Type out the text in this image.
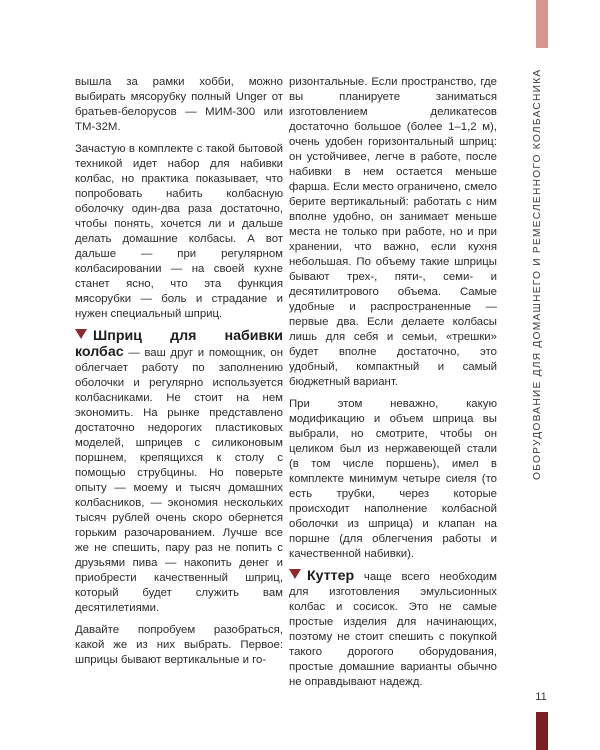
ОБОРУДОВАНИЕ ДЛЯ ДОМАШНЕГО И РЕМЕСЛЕННОГО КОЛБАСНИКА
11

вышла за рамки хобби, можно выбирать мясорубку полный Unger от братьев-белорусов — МИМ-300 или ТМ-32М.

Зачастую в комплекте с такой бытовой техникой идет набор для набивки колбас, но практика показывает, что попробовать набить колбасную оболочку один-два раза достаточно, чтобы понять, хочется ли и дальше делать домашние колбасы. А вот дальше — при регулярном колбасировании — на своей кухне станет ясно, что эта функция мясорубки — боль и страдание и нужен специальный шприц.

Шприц для набивки колбас — ваш друг и помощник, он облегчает работу по заполнению оболочки и регулярно используется колбасниками. Не стоит на нем экономить. На рынке представлено достаточно недорогих пластиковых моделей, шприцев с силиконовым поршнем, крепящихся к столу с помощью струбцины. Но поверьте опыту — моему и тысяч домашних колбасников, — экономия нескольких тысяч рублей очень скоро обернется горьким разочарованием. Лучше все же не спешить, пару раз не попить с друзьями пива — накопить денег и приобрести качественный шприц, который будет служить вам десятилетиями.

Давайте попробуем разобраться, какой же из них выбрать. Первое: шприцы бывают вертикальные и го-

ризонтальные. Если пространство, где вы планируете заниматься изготовлением деликатесов достаточно большое (более 1–1,2 м), очень удобен горизонтальный шприц: он устойчивее, легче в работе, после набивки в нем остается меньше фарша. Если место ограничено, смело берите вертикальный: работать с ним вполне удобно, он занимает меньше места не только при работе, но и при хранении, что важно, если кухня небольшая. По объему такие шприцы бывают трех-, пяти-, семи- и десятилитрового объема. Самые удобные и распространенные — первые два. Если делаете колбасы лишь для себя и семьи, «трешки» будет вполне достаточно, это удобный, компактный и самый бюджетный вариант.

При этом неважно, какую модификацию и объем шприца вы выбрали, но смотрите, чтобы он целиком был из нержавеющей стали (в том числе поршень), имел в комплекте минимум четыре сиеля (то есть трубки, через которые происходит наполнение колбасной оболочки из шприца) и клапан на поршне (для облегчения работы и качественной набивки).

Куттер чаще всего необходим для изготовления эмульсионных колбас и сосисок. Это не самые простые изделия для начинающих, поэтому не стоит спешить с покупкой такого дорогого оборудования, простые домашние варианты обычно не оправдывают надежд.
